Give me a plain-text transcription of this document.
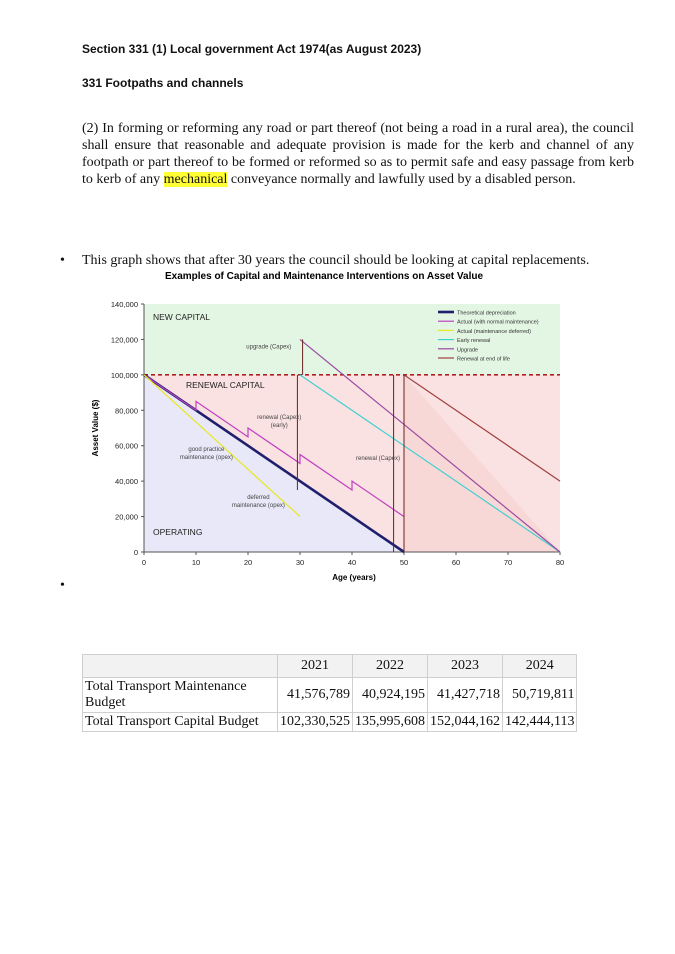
Section 331 (1) Local government Act 1974(as August 2023)
331 Footpaths and channels

(2) In forming or reforming any road or part thereof (not being a road in a rural area), the council shall ensure that reasonable and adequate provision is made for the kerb and channel of any footpath or part thereof to be formed or reformed so as to permit safe and easy passage from kerb to kerb of any mechanical conveyance normally and lawfully used by a disabled person.

• This graph shows that after 30 years the council should be looking at capital replacements.
Examples of Capital and Maintenance Interventions on Asset Value
NEW CAPITAL
RENEWAL CAPITAL
OPERATING
0
20,000
40,000
60,000
80,000
100,000
120,000
140,000
0	10	20	30	40	50	60	70	80
upgrade (Capex)
renewal (Capex)
(early)
good practice
maintenance (opex)	renewal (Capex)
deferred
maintenance (opex)
Theoretical depreciation
Actual (with normal maintenance)
Actual (maintenance deferred)
Early renewal
Upgrade
Renewal at end of life
Asset Value ($)
Age (years)
•
	2021	2022	2023	2024
Total Transport Maintenance Budget	41,576,789	40,924,195	41,427,718	50,719,811
Total Transport Capital Budget	102,330,525	135,995,608	152,044,162	142,444,113
